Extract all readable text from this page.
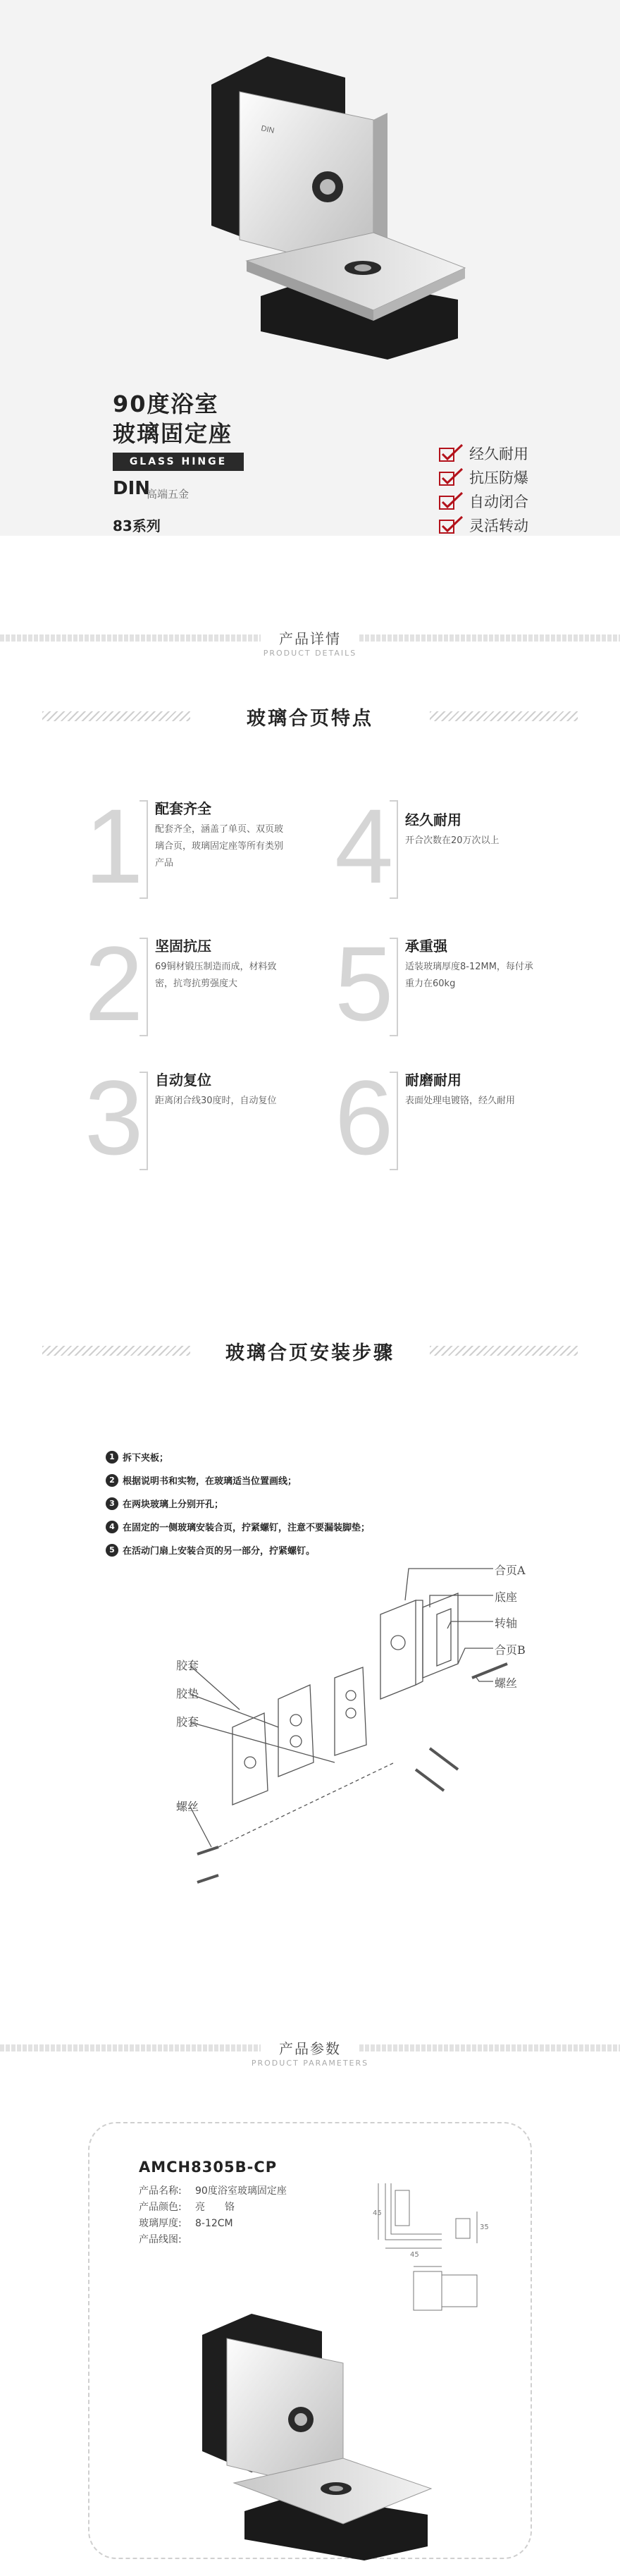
DIN
90度浴室
玻璃固定座
GLASS HINGE
DIN
高端五金
83系列
经久耐用
抗压防爆
自动闭合
灵活转动
产品详情
PRODUCT DETAILS
玻璃合页特点
1 配套齐全
配套齐全，涵盖了单页、双页玻璃合页，玻璃固定座等所有类别产品	4 经久耐用
开合次数在20万次以上
2 坚固抗压
69铜材锻压制造而成，材料致密，抗弯抗剪强度大 5 承重强
适装玻璃厚度8-12MM，每付承重力在60kg
3 自动复位
距离闭合线30度时，自动复位 6 耐磨耐用
表面处理电镀铬，经久耐用
玻璃合页安装步骤
1 拆下夹板；
2 根据说明书和实物，在玻璃适当位置画线；
3 在两块玻璃上分别开孔；
4 在固定的一侧玻璃安装合页，拧紧螺钉，注意不要漏装脚垫；
5 在活动门扇上安装合页的另一部分，拧紧螺钉。
胶套
胶垫
胶套
螺丝
合页A
底座
转轴
合页B
螺丝
产品参数
PRODUCT PARAMETERS
AMCH8305B-CP
产品名称: 90度浴室玻璃固定座
产品颜色: 亮　　铬
玻璃厚度: 8-12CM
产品线图:
45
45
35
